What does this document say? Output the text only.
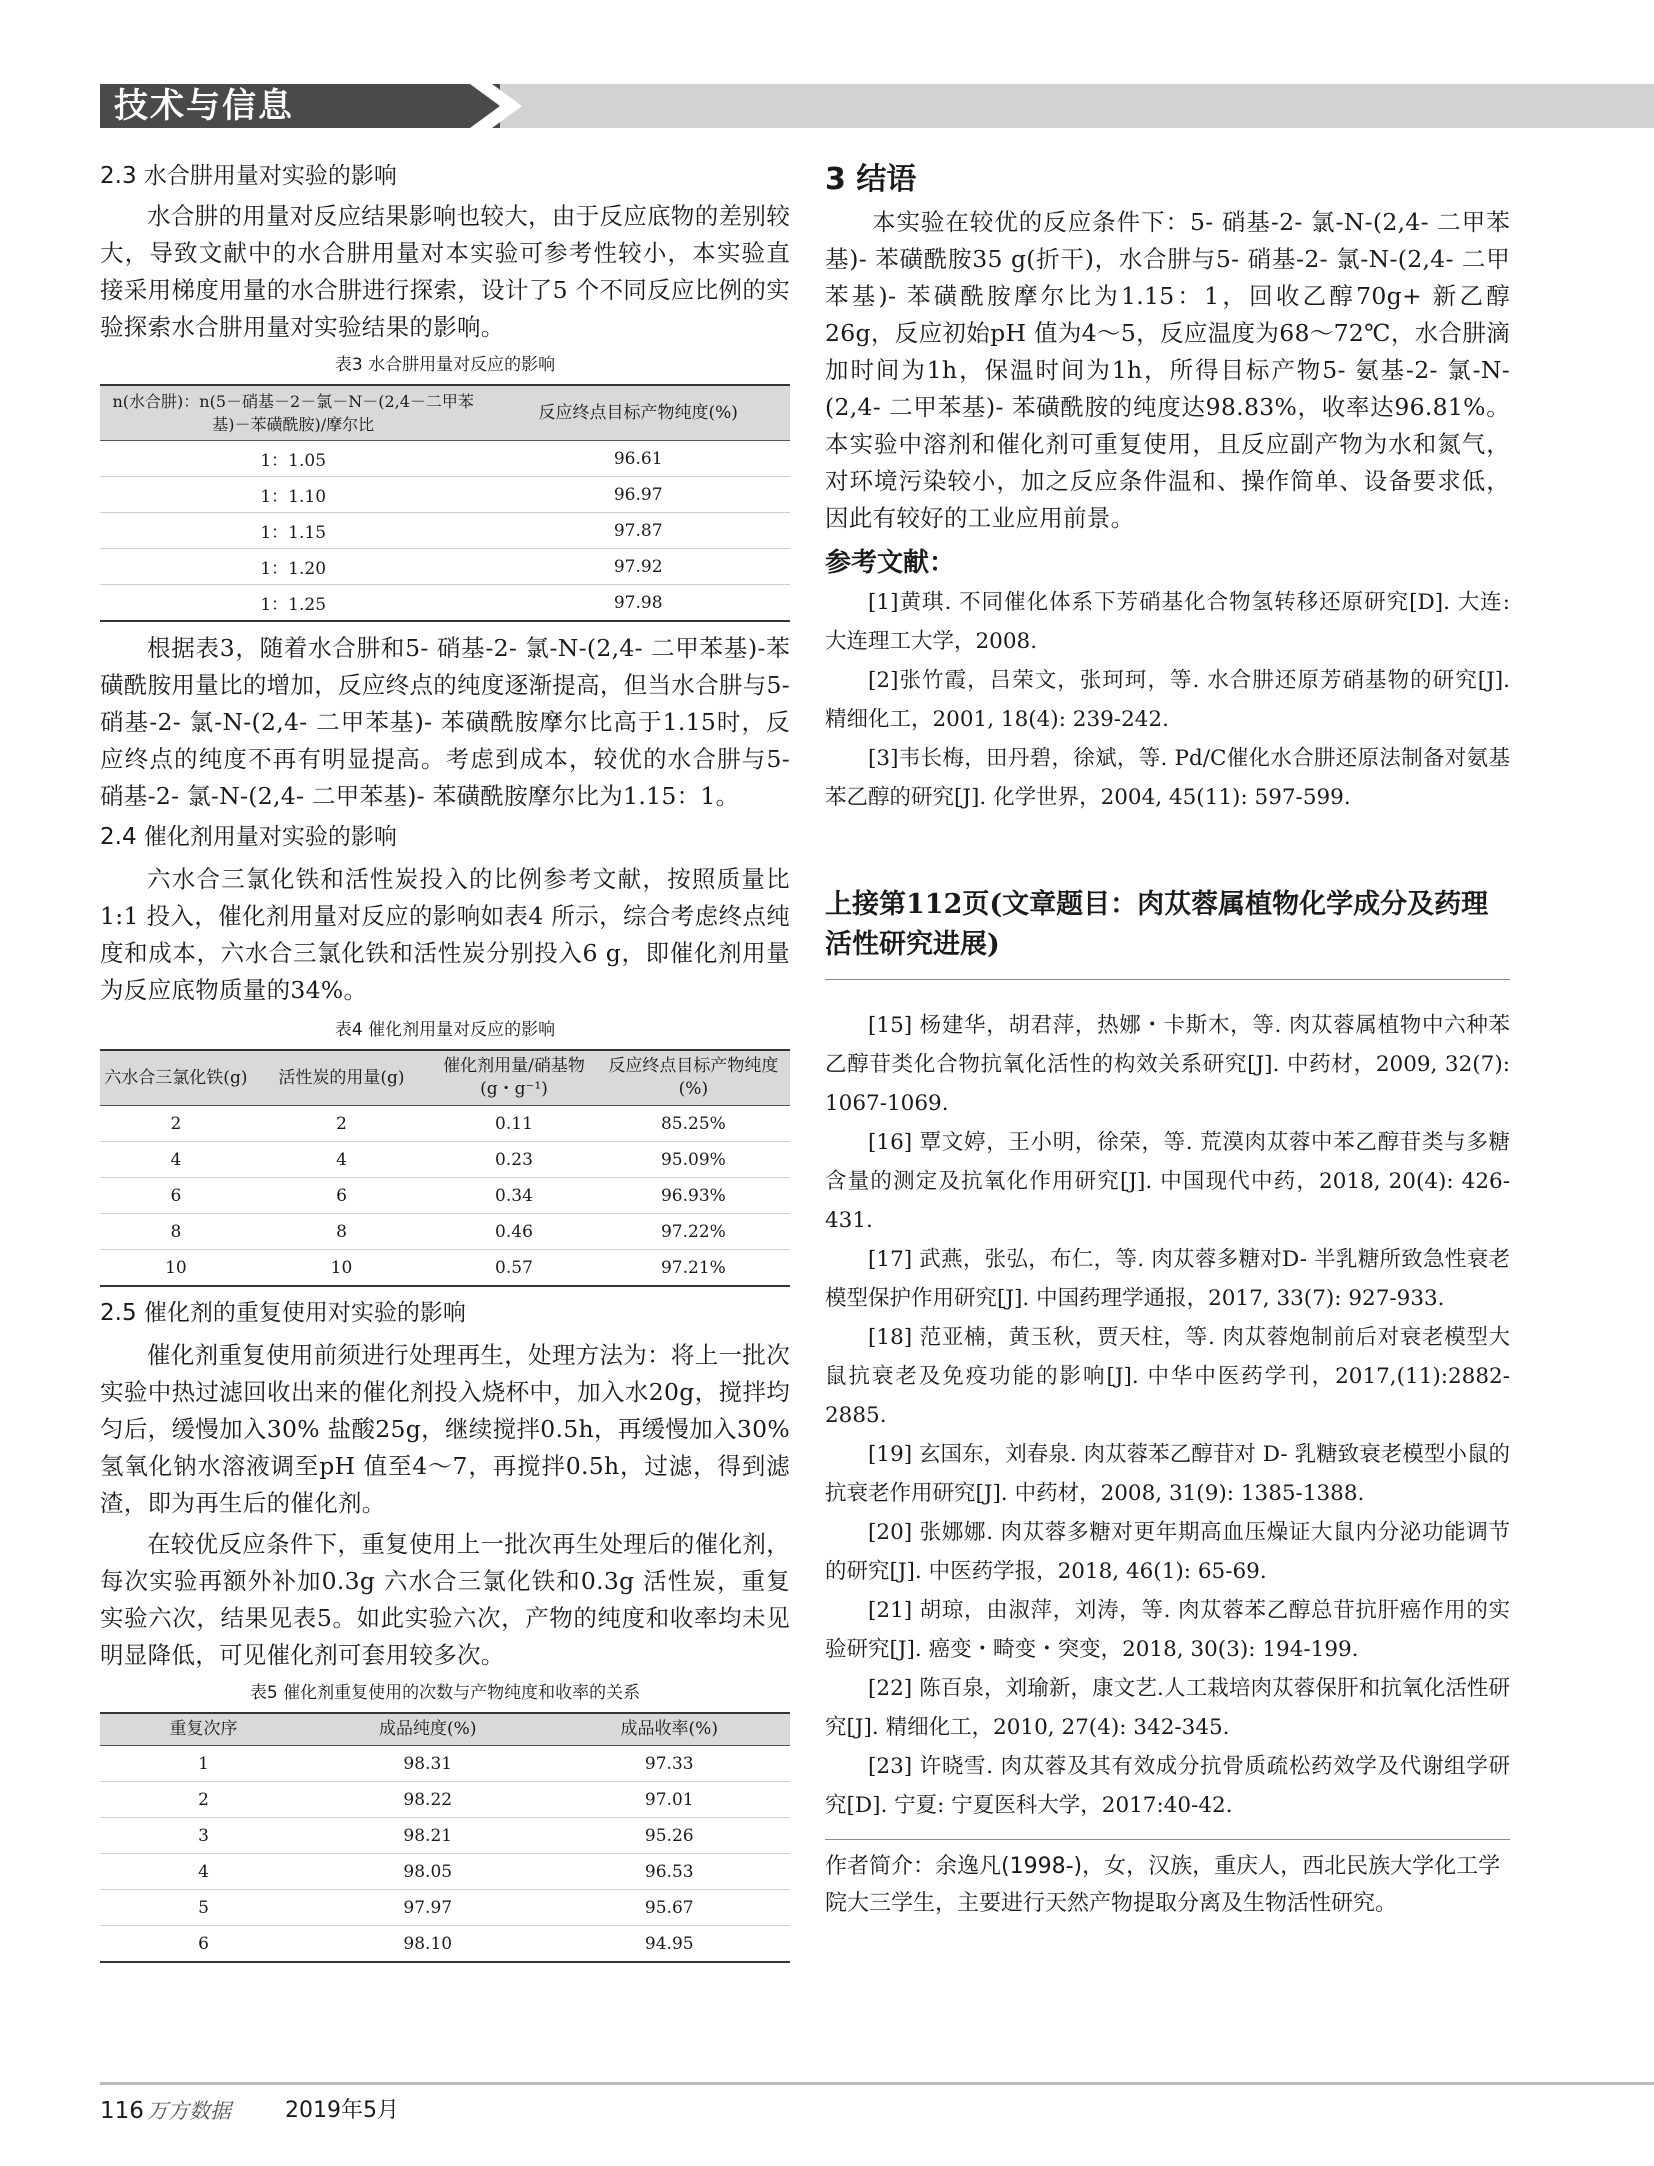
技术与信息
2.3 水合肼用量对实验的影响

水合肼的用量对反应结果影响也较大，由于反应底物的差别较大，导致文献中的水合肼用量对本实验可参考性较小，本实验直接采用梯度用量的水合肼进行探索，设计了5 个不同反应比例的实验探索水合肼用量对实验结果的影响。

表3 水合肼用量对反应的影响
n(水合肼)：n(5－硝基－2－氯－N－(2,4－二甲苯基)－苯磺酰胺)/摩尔比	反应终点目标产物纯度(%)
1：1.05	96.61
1：1.10	96.97
1：1.15	97.87
1：1.20	97.92
1：1.25	97.98

根据表3，随着水合肼和5- 硝基-2- 氯-N-(2,4- 二甲苯基)-苯磺酰胺用量比的增加，反应终点的纯度逐渐提高，但当水合肼与5- 硝基-2- 氯-N-(2,4- 二甲苯基)- 苯磺酰胺摩尔比高于1.15时，反应终点的纯度不再有明显提高。考虑到成本，较优的水合肼与5- 硝基-2- 氯-N-(2,4- 二甲苯基)- 苯磺酰胺摩尔比为1.15：1。

2.4 催化剂用量对实验的影响

六水合三氯化铁和活性炭投入的比例参考文献，按照质量比1:1 投入，催化剂用量对反应的影响如表4 所示，综合考虑终点纯度和成本，六水合三氯化铁和活性炭分别投入6 g，即催化剂用量为反应底物质量的34%。

表4 催化剂用量对反应的影响
六水合三氯化铁(g)	活性炭的用量(g)	催化剂用量/硝基物(g・g⁻¹)	反应终点目标产物纯度(%)
2	2	0.11	85.25%
4	4	0.23	95.09%
6	6	0.34	96.93%
8	8	0.46	97.22%
10	10	0.57	97.21%
2.5 催化剂的重复使用对实验的影响

催化剂重复使用前须进行处理再生，处理方法为：将上一批次实验中热过滤回收出来的催化剂投入烧杯中，加入水20g，搅拌均匀后，缓慢加入30% 盐酸25g，继续搅拌0.5h，再缓慢加入30% 氢氧化钠水溶液调至pH 值至4～7，再搅拌0.5h，过滤，得到滤渣，即为再生后的催化剂。

在较优反应条件下，重复使用上一批次再生处理后的催化剂，每次实验再额外补加0.3g 六水合三氯化铁和0.3g 活性炭，重复实验六次，结果见表5。如此实验六次，产物的纯度和收率均未见明显降低，可见催化剂可套用较多次。

表5 催化剂重复使用的次数与产物纯度和收率的关系
重复次序	成品纯度(%)	成品收率(%)
1	98.31	97.33
2	98.22	97.01
3	98.21	95.26
4	98.05	96.53
5	97.97	95.67
6	98.10	94.95
3 结语

本实验在较优的反应条件下：5- 硝基-2- 氯-N-(2,4- 二甲苯基)- 苯磺酰胺35 g(折干)，水合肼与5- 硝基-2- 氯-N-(2,4- 二甲苯基)- 苯磺酰胺摩尔比为1.15：1，回收乙醇70g+ 新乙醇26g，反应初始pH 值为4～5，反应温度为68～72℃，水合肼滴加时间为1h，保温时间为1h，所得目标产物5- 氨基-2- 氯-N-(2,4- 二甲苯基)- 苯磺酰胺的纯度达98.83%，收率达96.81%。本实验中溶剂和催化剂可重复使用，且反应副产物为水和氮气，对环境污染较小，加之反应条件温和、操作简单、设备要求低，因此有较好的工业应用前景。

参考文献：

[1]黄琪. 不同催化体系下芳硝基化合物氢转移还原研究[D]. 大连: 大连理工大学，2008.

[2]张竹霞，吕荣文，张珂珂，等. 水合肼还原芳硝基物的研究[J]. 精细化工，2001, 18(4): 239-242.

[3]韦长梅，田丹碧，徐斌，等. Pd/C催化水合肼还原法制备对氨基苯乙醇的研究[J]. 化学世界，2004, 45(11): 597-599.

上接第112页(文章题目：肉苁蓉属植物化学成分及药理活性研究进展)

[15] 杨建华，胡君萍，热娜・卡斯木，等. 肉苁蓉属植物中六种苯乙醇苷类化合物抗氧化活性的构效关系研究[J]. 中药材，2009, 32(7): 1067-1069.

[16] 覃文婷，王小明，徐荣，等. 荒漠肉苁蓉中苯乙醇苷类与多糖含量的测定及抗氧化作用研究[J]. 中国现代中药，2018, 20(4): 426-431.

[17] 武燕，张弘，布仁，等. 肉苁蓉多糖对D- 半乳糖所致急性衰老模型保护作用研究[J]. 中国药理学通报，2017, 33(7): 927-933.

[18] 范亚楠，黄玉秋，贾天柱，等. 肉苁蓉炮制前后对衰老模型大鼠抗衰老及免疫功能的影响[J]. 中华中医药学刊，2017,(11):2882-2885.

[19] 玄国东，刘春泉. 肉苁蓉苯乙醇苷对 D- 乳糖致衰老模型小鼠的抗衰老作用研究[J]. 中药材，2008, 31(9): 1385-1388.

[20] 张娜娜. 肉苁蓉多糖对更年期高血压燥证大鼠内分泌功能调节的研究[J]. 中医药学报，2018, 46(1): 65-69.

[21] 胡琼，由淑萍，刘涛，等. 肉苁蓉苯乙醇总苷抗肝癌作用的实验研究[J]. 癌变・畸变・突变，2018, 30(3): 194-199.

[22] 陈百泉，刘瑜新，康文艺.人工栽培肉苁蓉保肝和抗氧化活性研究[J]. 精细化工，2010, 27(4): 342-345.

[23] 许晓雪. 肉苁蓉及其有效成分抗骨质疏松药效学及代谢组学研究[D]. 宁夏: 宁夏医科大学，2017:40-42.

作者简介：余逸凡(1998-)，女，汉族，重庆人，西北民族大学化工学院大三学生，主要进行天然产物提取分离及生物活性研究。
116 万方数据 2019年5月
